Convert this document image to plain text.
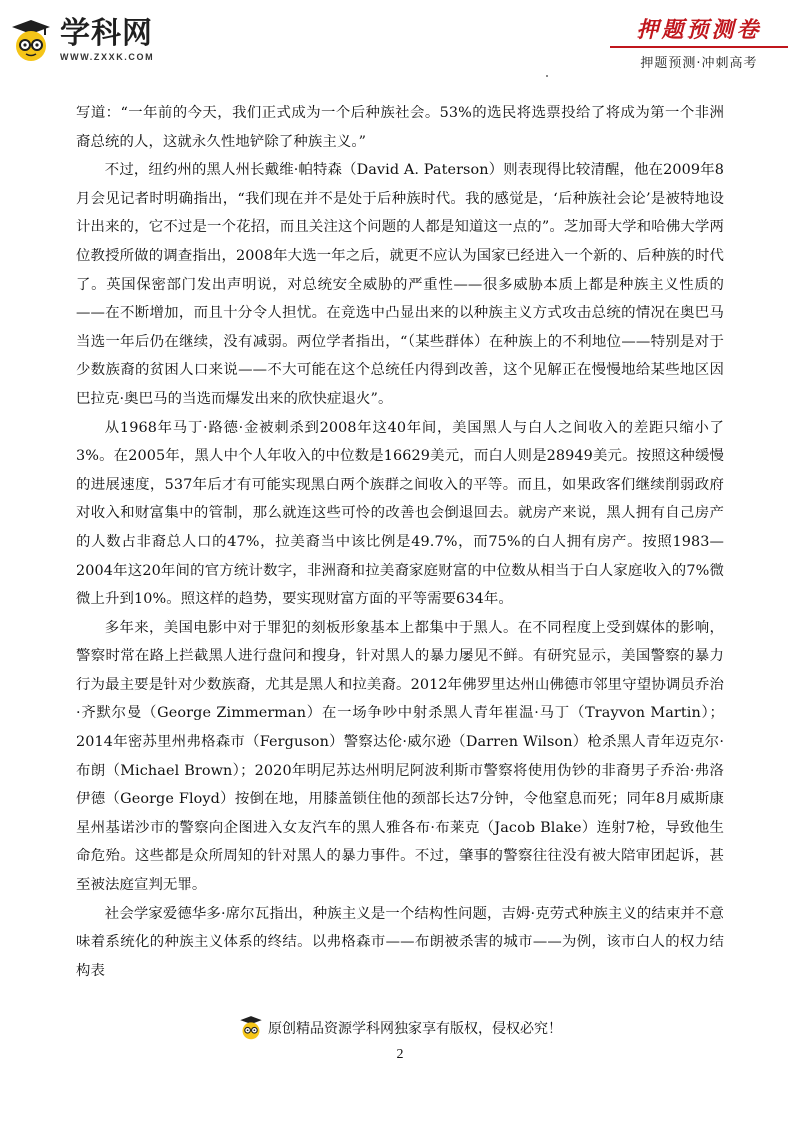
学科网
WWW.ZXXK.COM
押题预测卷
押题预测·冲刺高考

写道：“一年前的今天，我们正式成为一个后种族社会。53%的选民将选票投给了将成为第一个非洲裔总统的人，这就永久性地铲除了种族主义。”

不过，纽约州的黑人州长戴维·帕特森（David A. Paterson）则表现得比较清醒，他在2009年8月会见记者时明确指出，“我们现在并不是处于后种族时代。我的感觉是，‘后种族社会论’是被特地设计出来的，它不过是一个花招，而且关注这个问题的人都是知道这一点的”。芝加哥大学和哈佛大学两位教授所做的调查指出，2008年大选一年之后，就更不应认为国家已经进入一个新的、后种族的时代了。英国保密部门发出声明说，对总统安全威胁的严重性——很多威胁本质上都是种族主义性质的——在不断增加，而且十分令人担忧。在竞选中凸显出来的以种族主义方式攻击总统的情况在奥巴马当选一年后仍在继续，没有减弱。两位学者指出，“（某些群体）在种族上的不利地位——特别是对于少数族裔的贫困人口来说——不大可能在这个总统任内得到改善，这个见解正在慢慢地给某些地区因巴拉克·奥巴马的当选而爆发出来的欣快症退火”。

从1968年马丁·路德·金被刺杀到2008年这40年间，美国黑人与白人之间收入的差距只缩小了3%。在2005年，黑人中个人年收入的中位数是16629美元，而白人则是28949美元。按照这种缓慢的进展速度，537年后才有可能实现黑白两个族群之间收入的平等。而且，如果政客们继续削弱政府对收入和财富集中的管制，那么就连这些可怜的改善也会倒退回去。就房产来说，黑人拥有自己房产的人数占非裔总人口的47%，拉美裔当中该比例是49.7%，而75%的白人拥有房产。按照1983—2004年这20年间的官方统计数字，非洲裔和拉美裔家庭财富的中位数从相当于白人家庭收入的7%微微上升到10%。照这样的趋势，要实现财富方面的平等需要634年。

多年来，美国电影中对于罪犯的刻板形象基本上都集中于黑人。在不同程度上受到媒体的影响，警察时常在路上拦截黑人进行盘问和搜身，针对黑人的暴力屡见不鲜。有研究显示，美国警察的暴力行为最主要是针对少数族裔，尤其是黑人和拉美裔。2012年佛罗里达州山佛德市邻里守望协调员乔治·齐默尔曼（George Zimmerman）在一场争吵中射杀黑人青年崔温·马丁（Trayvon Martin）；2014年密苏里州弗格森市（Ferguson）警察达伦·威尔逊（Darren Wilson）枪杀黑人青年迈克尔·布朗（Michael Brown）；2020年明尼苏达州明尼阿波利斯市警察将使用伪钞的非裔男子乔治·弗洛伊德（George Floyd）按倒在地，用膝盖锁住他的颈部长达7分钟，令他窒息而死；同年8月威斯康星州基诺沙市的警察向企图进入女友汽车的黑人雅各布·布莱克（Jacob Blake）连射7枪，导致他生命危殆。这些都是众所周知的针对黑人的暴力事件。不过，肇事的警察往往没有被大陪审团起诉，甚至被法庭宣判无罪。

社会学家爱德华多·席尔瓦指出，种族主义是一个结构性问题，吉姆·克劳式种族主义的结束并不意味着系统化的种族主义体系的终结。以弗格森市——布朗被杀害的城市——为例，该市白人的权力结构表

原创精品资源学科网独家享有版权，侵权必究！
2
